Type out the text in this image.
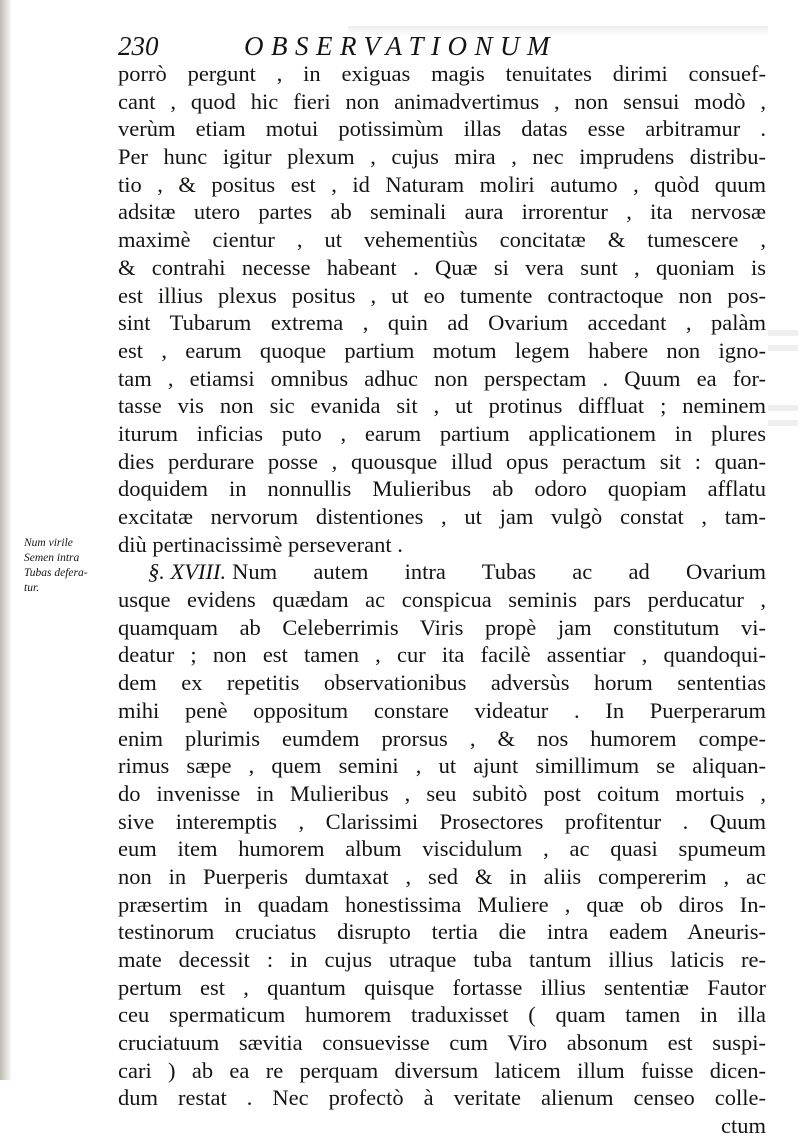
230	OBSERVATIONUM
Num virile
Semen intra
Tubas defera-
tur.
porrò pergunt , in exiguas magis tenuitates dirimi consuef-
cant , quod hic fieri non animadvertimus , non sensui modò ,
verùm etiam motui potissimùm illas datas esse arbitramur .
Per hunc igitur plexum , cujus mira , nec imprudens distribu-
tio , & positus est , id Naturam moliri autumo , quòd quum
adsitæ utero partes ab seminali aura irrorentur , ita nervosæ
maximè cientur , ut vehementiùs concitatæ & tumescere ,
& contrahi necesse habeant . Quæ si vera sunt , quoniam is
est illius plexus positus , ut eo tumente contractoque non pos-
sint Tubarum extrema , quin ad Ovarium accedant , palàm
est , earum quoque partium motum legem habere non igno-
tam , etiamsi omnibus adhuc non perspectam . Quum ea for-
tasse vis non sic evanida sit , ut protinus diffluat ; neminem
iturum inficias puto , earum partium applicationem in plures
dies perdurare posse , quousque illud opus peractum sit : quan-
doquidem in nonnullis Mulieribus ab odoro quopiam afflatu
excitatæ nervorum distentiones , ut jam vulgò constat , tam-
diù pertinacissimè perseverant .
§. XVIII. Num autem intra Tubas ac ad Ovarium
usque evidens quædam ac conspicua seminis pars perducatur ,
quamquam ab Celeberrimis Viris propè jam constitutum vi-
deatur ; non est tamen , cur ita facilè assentiar , quandoqui-
dem ex repetitis observationibus adversùs horum sententias
mihi penè oppositum constare videatur . In Puerperarum
enim plurimis eumdem prorsus , & nos humorem compe-
rimus sæpe , quem semini , ut ajunt simillimum se aliquan-
do invenisse in Mulieribus , seu subitò post coitum mortuis ,
sive interemptis , Clarissimi Prosectores profitentur . Quum
eum item humorem album viscidulum , ac quasi spumeum
non in Puerperis dumtaxat , sed & in aliis compererim , ac
præsertim in quadam honestissima Muliere , quæ ob diros In-
testinorum cruciatus disrupto tertia die intra eadem Aneuris-
mate decessit : in cujus utraque tuba tantum illius laticis re-
pertum est , quantum quisque fortasse illius sententiæ Fautor
ceu spermaticum humorem traduxisset ( quam tamen in illa
cruciatuum sævitia consuevisse cum Viro absonum est suspi-
cari ) ab ea re perquam diversum laticem illum fuisse dicen-
dum restat . Nec profectò à veritate alienum censeo colle-
ctum
